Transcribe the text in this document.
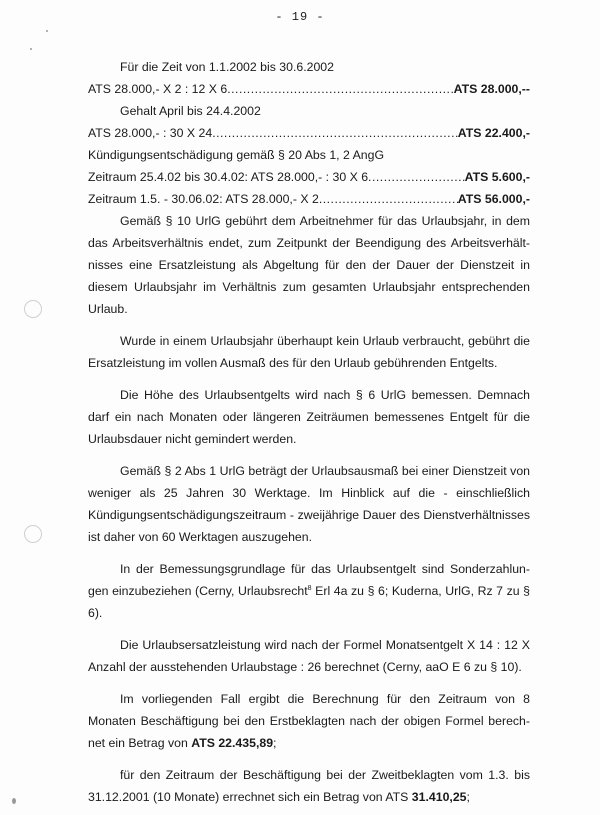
- 19 -
Für die Zeit von 1.1.2002 bis 30.6.2002
ATS 28.000,- X 2 : 12 X 6 .....	ATS 28.000,--
Gehalt April bis 24.4.2002
ATS 28.000,- : 30 X 24 .....	ATS 22.400,-
Kündigungsentschädigung gemäß § 20 Abs 1, 2 AngG
Zeitraum 25.4.02 bis 30.4.02: ATS 28.000,- : 30 X 6 .....	ATS 5.600,-
Zeitraum 1.5. - 30.06.02: ATS 28.000,- X 2 .....	ATS 56.000,-

Gemäß § 10 UrlG gebührt dem Arbeitnehmer für das Urlaubsjahr, in dem das Arbeitsverhältnis endet, zum Zeitpunkt der Beendigung des Arbeitsverhält-nisses eine Ersatzleistung als Abgeltung für den der Dauer der Dienstzeit in diesem Urlaubsjahr im Verhältnis zum gesamten Urlaubsjahr entsprechenden Urlaub.

Wurde in einem Urlaubsjahr überhaupt kein Urlaub verbraucht, gebührt die Ersatzleistung im vollen Ausmaß des für den Urlaub gebührenden Entgelts.

Die Höhe des Urlaubsentgelts wird nach § 6 UrlG bemessen. Demnach darf ein nach Monaten oder längeren Zeiträumen bemessenes Entgelt für die Urlaubsdauer nicht gemindert werden.

Gemäß § 2 Abs 1 UrlG beträgt der Urlaubsausmaß bei einer Dienstzeit von weniger als 25 Jahren 30 Werktage. Im Hinblick auf die - einschließlich Kündigungsentschädigungszeitraum - zweijährige Dauer des Dienstverhältnisses ist daher von 60 Werktagen auszugehen.

In der Bemessungsgrundlage für das Urlaubsentgelt sind Sonderzahlun-gen einzubeziehen (Cerny, Urlaubsrecht$^8$ Erl 4a zu § 6; Kuderna, UrlG, Rz 7 zu § 6).

Die Urlaubsersatzleistung wird nach der Formel Monatsentgelt X 14 : 12 X Anzahl der ausstehenden Urlaubstage : 26 berechnet (Cerny, aaO E 6 zu § 10).

Im vorliegenden Fall ergibt die Berechnung für den Zeitraum von 8 Monaten Beschäftigung bei den Erstbeklagten nach der obigen Formel berech-net ein Betrag von ATS 22.435,89;

für den Zeitraum der Beschäftigung bei der Zweitbeklagten vom 1.3. bis 31.12.2001 (10 Monate) errechnet sich ein Betrag von ATS 31.410,25;
